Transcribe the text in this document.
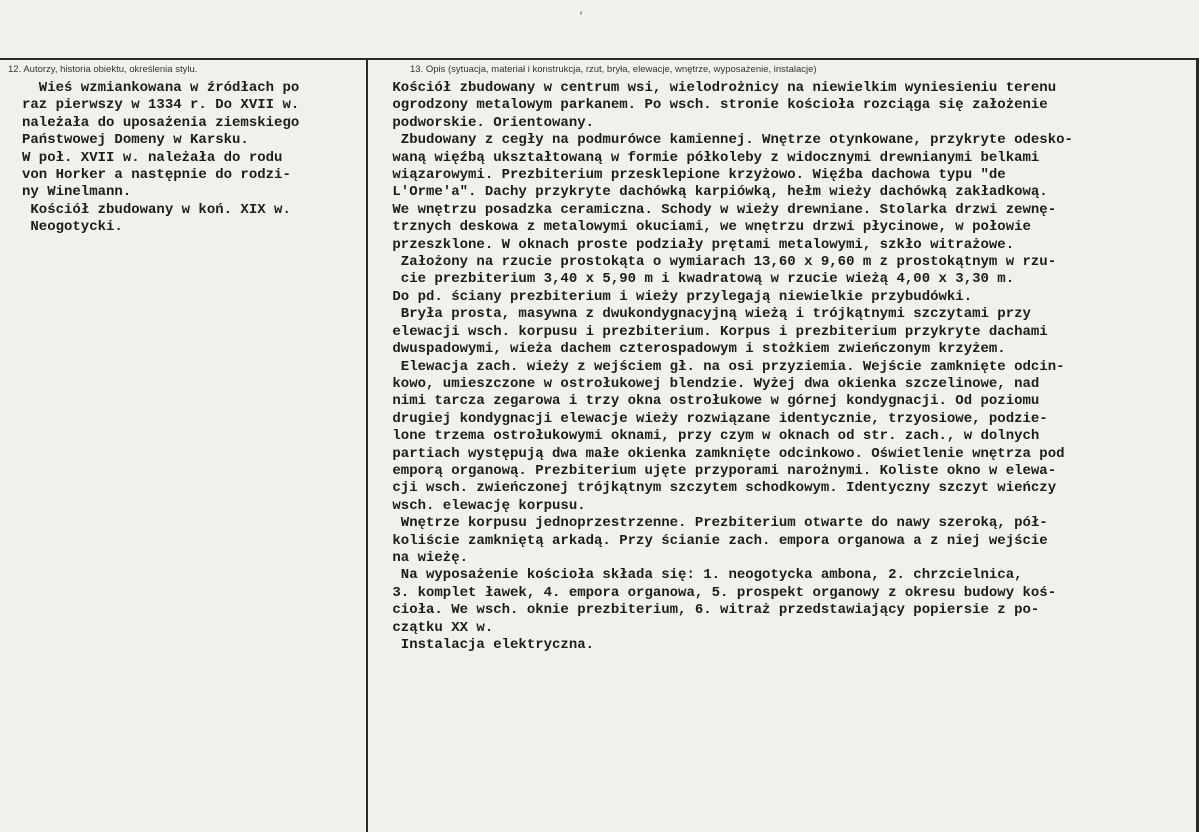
'
12. Autorzy, historia obiektu, określenia stylu.	13. Opis (sytuacja, materiał i konstrukcja, rzut, bryła, elewacje, wnętrze, wyposażenie, instalacje)
Wieś wzmiankowana w źródłach po
raz pierwszy w 1334 r. Do XVII w.
należała do uposażenia ziemskiego
Państwowej Domeny w Karsku.
W poł. XVII w. należała do rodu
von Horker a następnie do rodzi-
ny Winelmann.
Kościół zbudowany w koń. XIX w.
Neogotycki.
Kościół zbudowany w centrum wsi, wielodrożnicy na niewielkim wyniesieniu terenu
ogrodzony metalowym parkanem. Po wsch. stronie kościoła rozciąga się założenie
podworskie. Orientowany.
Zbudowany z cegły na podmurówce kamiennej. Wnętrze otynkowane, przykryte odesko-
waną więźbą ukształtowaną w formie półkoleby z widocznymi drewnianymi belkami
wiązarowymi. Prezbiterium przesklepione krzyżowo. Więźba dachowa typu "de
L'Orme'a". Dachy przykryte dachówką karpiówką, hełm wieży dachówką zakładkową.
We wnętrzu posadzka ceramiczna. Schody w wieży drewniane. Stolarka drzwi zewnę-
trznych deskowa z metalowymi okuciami, we wnętrzu drzwi płycinowe, w połowie
przeszklone. W oknach proste podziały prętami metalowymi, szkło witrażowe.
Założony na rzucie prostokąta o wymiarach 13,60 x 9,60 m z prostokątnym w rzu-
cie prezbiterium 3,40 x 5,90 m i kwadratową w rzucie wieżą 4,00 x 3,30 m.
Do pd. ściany prezbiterium i wieży przylegają niewielkie przybudówki.
Bryła prosta, masywna z dwukondygnacyjną wieżą i trójkątnymi szczytami przy
elewacji wsch. korpusu i prezbiterium. Korpus i prezbiterium przykryte dachami
dwuspadowymi, wieża dachem czterospadowym i stożkiem zwieńczonym krzyżem.
Elewacja zach. wieży z wejściem gł. na osi przyziemia. Wejście zamknięte odcin-
kowo, umieszczone w ostrołukowej blendzie. Wyżej dwa okienka szczelinowe, nad
nimi tarcza zegarowa i trzy okna ostrołukowe w górnej kondygnacji. Od poziomu
drugiej kondygnacji elewacje wieży rozwiązane identycznie, trzyosiowe, podzie-
lone trzema ostrołukowymi oknami, przy czym w oknach od str. zach., w dolnych
partiach występują dwa małe okienka zamknięte odcinkowo. Oświetlenie wnętrza pod
emporą organową. Prezbiterium ujęte przyporami narożnymi. Koliste okno w elewa-
cji wsch. zwieńczonej trójkątnym szczytem schodkowym. Identyczny szczyt wieńczy
wsch. elewację korpusu.
Wnętrze korpusu jednoprzestrzenne. Prezbiterium otwarte do nawy szeroką, pół-
koliście zamkniętą arkadą. Przy ścianie zach. empora organowa a z niej wejście
na wieżę.
Na wyposażenie kościoła składa się: 1. neogotycka ambona, 2. chrzcielnica,
3. komplet ławek, 4. empora organowa, 5. prospekt organowy z okresu budowy koś-
cioła. We wsch. oknie prezbiterium, 6. witraż przedstawiający popiersie z po-
czątku XX w.
Instalacja elektryczna.
